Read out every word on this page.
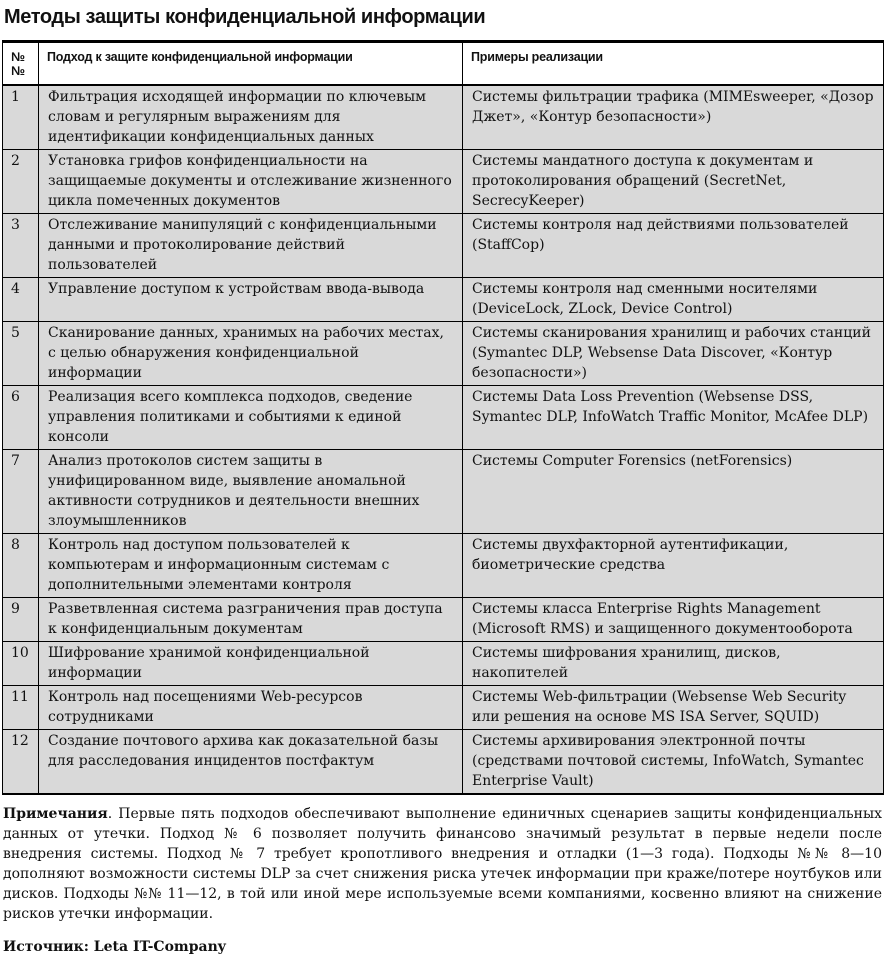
Методы защиты конфиденциальной информации
№№	Подход к защите конфиденциальной информации	Примеры реализации
1	Фильтрация исходящей информации по ключевым словам и регулярным выражениям для идентификации конфиденциальных данных	Системы фильтрации трафика (MIMEsweeper, «Дозор Джет», «Контур безопасности»)
2	Установка грифов конфиденциальности на защищаемые документы и отслеживание жизненного цикла помеченных документов	Системы мандатного доступа к документам и протоколирования обращений (SecretNet, SecrecyKeeper)
3	Отслеживание манипуляций с конфиденциальными данными и протоколирование действий пользователей	Системы контроля над действиями пользователей (StaffCop)
4	Управление доступом к устройствам ввода-вывода	Системы контроля над сменными носителями (DeviceLock, ZLock, Device Control)
5	Сканирование данных, хранимых на рабочих местах, с целью обнаружения конфиденциальной информации	Системы сканирования хранилищ и рабочих станций (Symantec DLP, Websense Data Discover, «Контур безопасности»)
6	Реализация всего комплекса подходов, сведение управления политиками и событиями к единой консоли	Системы Data Loss Prevention (Websense DSS, Symantec DLP, InfoWatch Traffic Monitor, McAfee DLP)
7	Анализ протоколов систем защиты в унифицированном виде, выявление аномальной активности сотрудников и деятельности внешних злоумышленников	Системы Computer Forensics (netForensics)
8	Контроль над доступом пользователей к компьютерам и информационным системам с дополнительными элементами контроля	Системы двухфакторной аутентификации, биометрические средства
9	Разветвленная система разграничения прав доступа к конфиденциальным документам	Системы класса Enterprise Rights Management (Microsoft RMS) и защищенного документооборота
10	Шифрование хранимой конфиденциальной информации	Системы шифрования хранилищ, дисков, накопителей
11	Контроль над посещениями Web-ресурсов сотрудниками	Системы Web-фильтрации (Websense Web Security или решения на основе MS ISA Server, SQUID)
12	Создание почтового архива как доказательной базы для расследования инцидентов постфактум	Системы архивирования электронной почты (средствами почтовой системы, InfoWatch, Symantec Enterprise Vault)

Примечания. Первые пять подходов обеспечивают выполнение единичных сценариев защиты конфиденциальных данных от утечки. Подход № 6 позволяет получить финансово значимый результат в первые недели после внедрения системы. Подход № 7 требует кропотливого внедрения и отладки (1—3 года). Подходы №№ 8—10 дополняют возможности системы DLP за счет снижения риска утечек информации при краже/потере ноутбуков или дисков. Подходы №№ 11—12, в той или иной мере используемые всеми компаниями, косвенно влияют на снижение рисков утечки информации.

Источник: Leta IT-Company
